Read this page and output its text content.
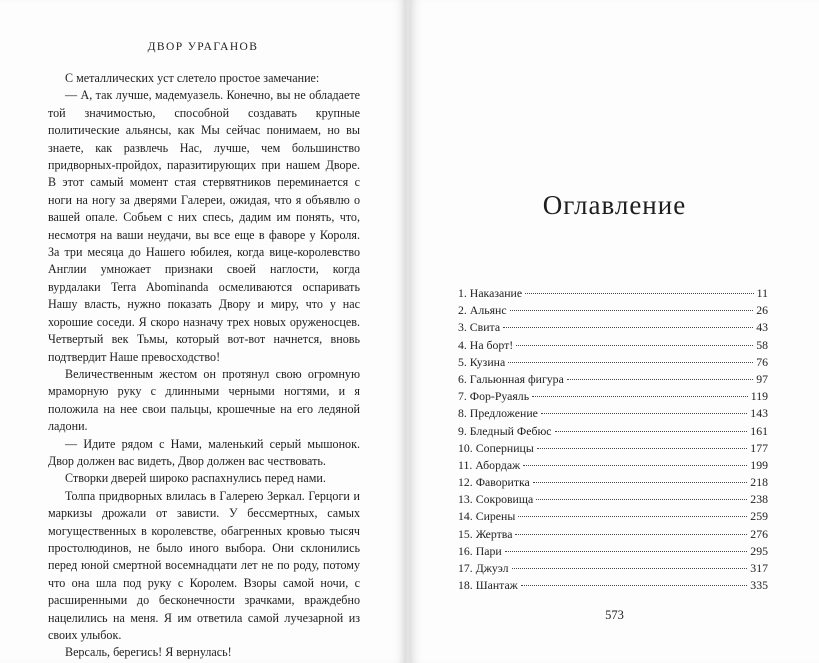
ДВОР УРАГАНОВ

С металлических уст слетело простое замечание:

— А, так лучше, мадемуазель. Конечно, вы не обладаете той значимостью, способной создавать крупные политические альянсы, как Мы сейчас понимаем, но вы знаете, как развлечь Нас, лучше, чем большинство придворных-пройдох, паразитирующих при нашем Дворе. В этот самый момент стая стервятников переминается с ноги на ногу за дверями Галереи, ожидая, что я объявлю о вашей опале. Собьем с них спесь, дадим им понять, что, несмотря на ваши неудачи, вы все еще в фаворе у Короля. За три месяца до Нашего юбилея, когда вице-королевство Англии умножает признаки своей наглости, когда вурдалаки Terra Abominanda осмеливаются оспаривать Нашу власть, нужно показать Двору и миру, что у нас хорошие соседи. Я скоро назначу трех новых оруженосцев. Четвертый век Тьмы, который вот-вот начнется, вновь подтвердит Наше превосходство!

Величественным жестом он протянул свою огромную мраморную руку с длинными черными ногтями, и я положила на нее свои пальцы, крошечные на его ледяной ладони.

— Идите рядом с Нами, маленький серый мышонок. Двор должен вас видеть, Двор должен вас чествовать.

Створки дверей широко распахнулись перед нами.

Толпа придворных влилась в Галерею Зеркал. Герцоги и маркизы дрожали от зависти. У бессмертных, самых могущественных в королевстве, обагренных кровью тысяч простолюдинов, не было иного выбора. Они склонились перед юной смертной восемнадцати лет не по роду, потому что она шла под руку с Королем. Взоры самой ночи, с расширенными до бесконечности зрачками, враждебно нацелились на меня. Я им ответила самой лучезарной из своих улыбок.

Версаль, берегись! Я вернулась!

Оглавление
1. Наказание	11
2. Альянс	26
3. Свита	43
4. На борт!	58
5. Кузина	76
6. Гальюнная фигура	97
7. Фор-Руаяль	119
8. Предложение	143
9. Бледный Фебюс	161
10. Соперницы	177
11. Абордаж	199
12. Фаворитка	218
13. Сокровища	238
14. Сирены	259
15. Жертва	276
16. Пари	295
17. Джуэл	317
18. Шантаж	335
573
